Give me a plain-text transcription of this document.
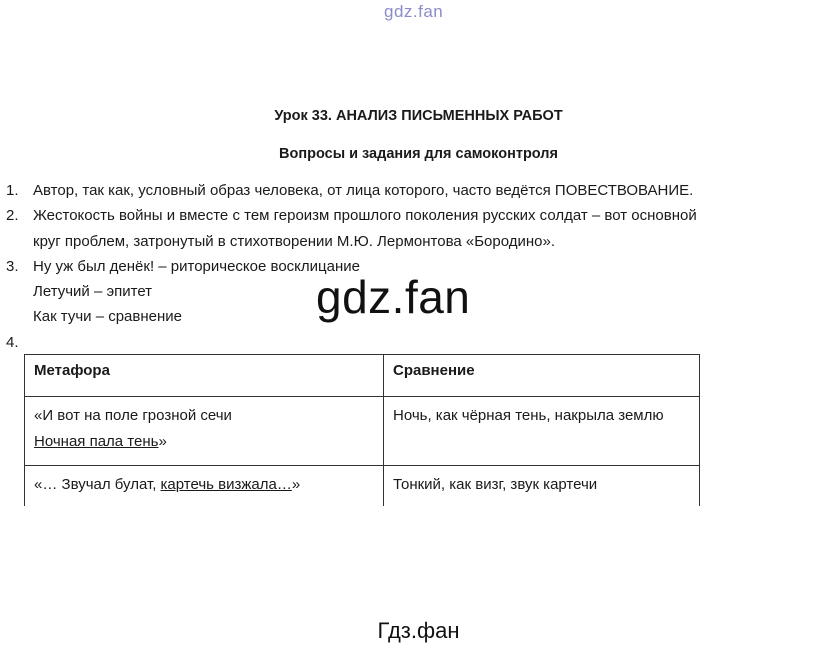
gdz.fan
Урок 33. АНАЛИЗ ПИСЬМЕННЫХ РАБОТ
Вопросы и задания для самоконтроля
1. Автор, так как, условный образ человека, от лица которого, часто ведётся ПОВЕСТВОВАНИЕ.
2. Жестокость войны и вместе с тем героизм прошлого поколения русских солдат – вот основной
круг проблем, затронутый в стихотворении М.Ю. Лермонтова «Бородино».
3. Ну уж был денёк! – риторическое восклицание
Летучий – эпитет
Как тучи – сравнение
4.
Метафора	Сравнение

«И вот на поле грозной сечи
Ночная пала тень»	Ночь, как чёрная тень, накрыла землю
«… Звучал булат, картечь визжала…»	Тонкий, как визг, звук картечи
gdz.fan
Гдз.фан
